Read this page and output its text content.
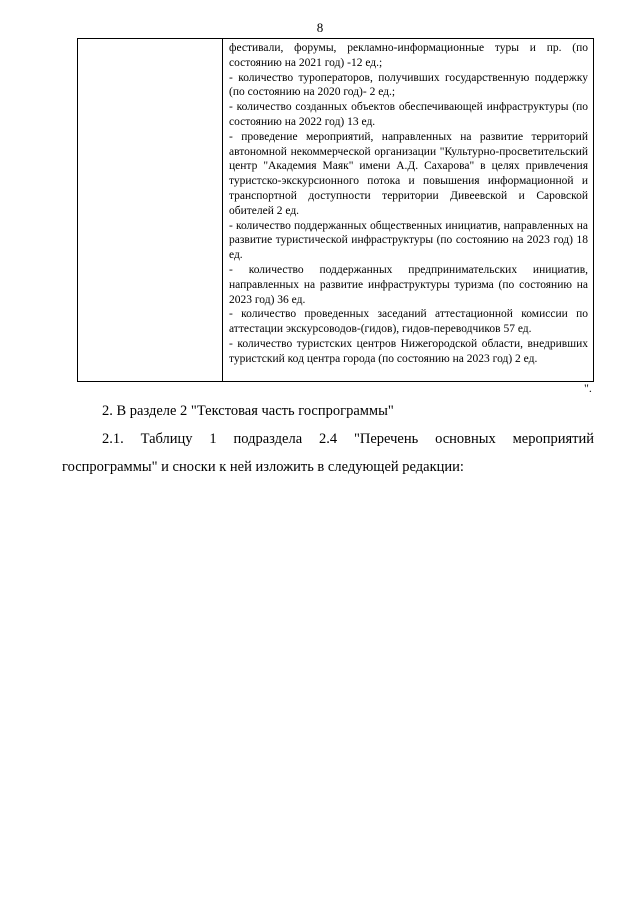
8

фестивали, форумы, рекламно-информационные туры и пр. (по состоянию на 2021 год) -12 ед.;

- количество туроператоров, получивших государственную поддержку (по состоянию на 2020 год)- 2 ед.;

- количество созданных объектов обеспечивающей инфраструктуры (по состоянию на 2022 год) 13 ед.

- проведение мероприятий, направленных на развитие территорий автономной некоммерческой организации "Культурно-просветительский центр "Академия Маяк" имени А.Д. Сахарова" в целях привлечения туристско-экскурсионного потока и повышения информационной и транспортной доступности территории Дивеевской и Саровской обителей 2 ед.

- количество поддержанных общественных инициатив, направленных на развитие туристической инфраструктуры (по состоянию на 2023 год) 18 ед.

- количество поддержанных предпринимательских инициатив, направленных на развитие инфраструктуры туризма (по состоянию на 2023 год) 36 ед.

- количество проведенных заседаний аттестационной комиссии по аттестации экскурсоводов-(гидов), гидов-переводчиков 57 ед.

- количество туристских центров Нижегородской области, внедривших туристский код центра города (по состоянию на 2023 год) 2 ед.

".
2. В разделе 2 "Текстовая часть госпрограммы"
2.1. Таблицу 1 подраздела 2.4 "Перечень основных мероприятий госпрограммы" и сноски к ней изложить в следующей редакции:
